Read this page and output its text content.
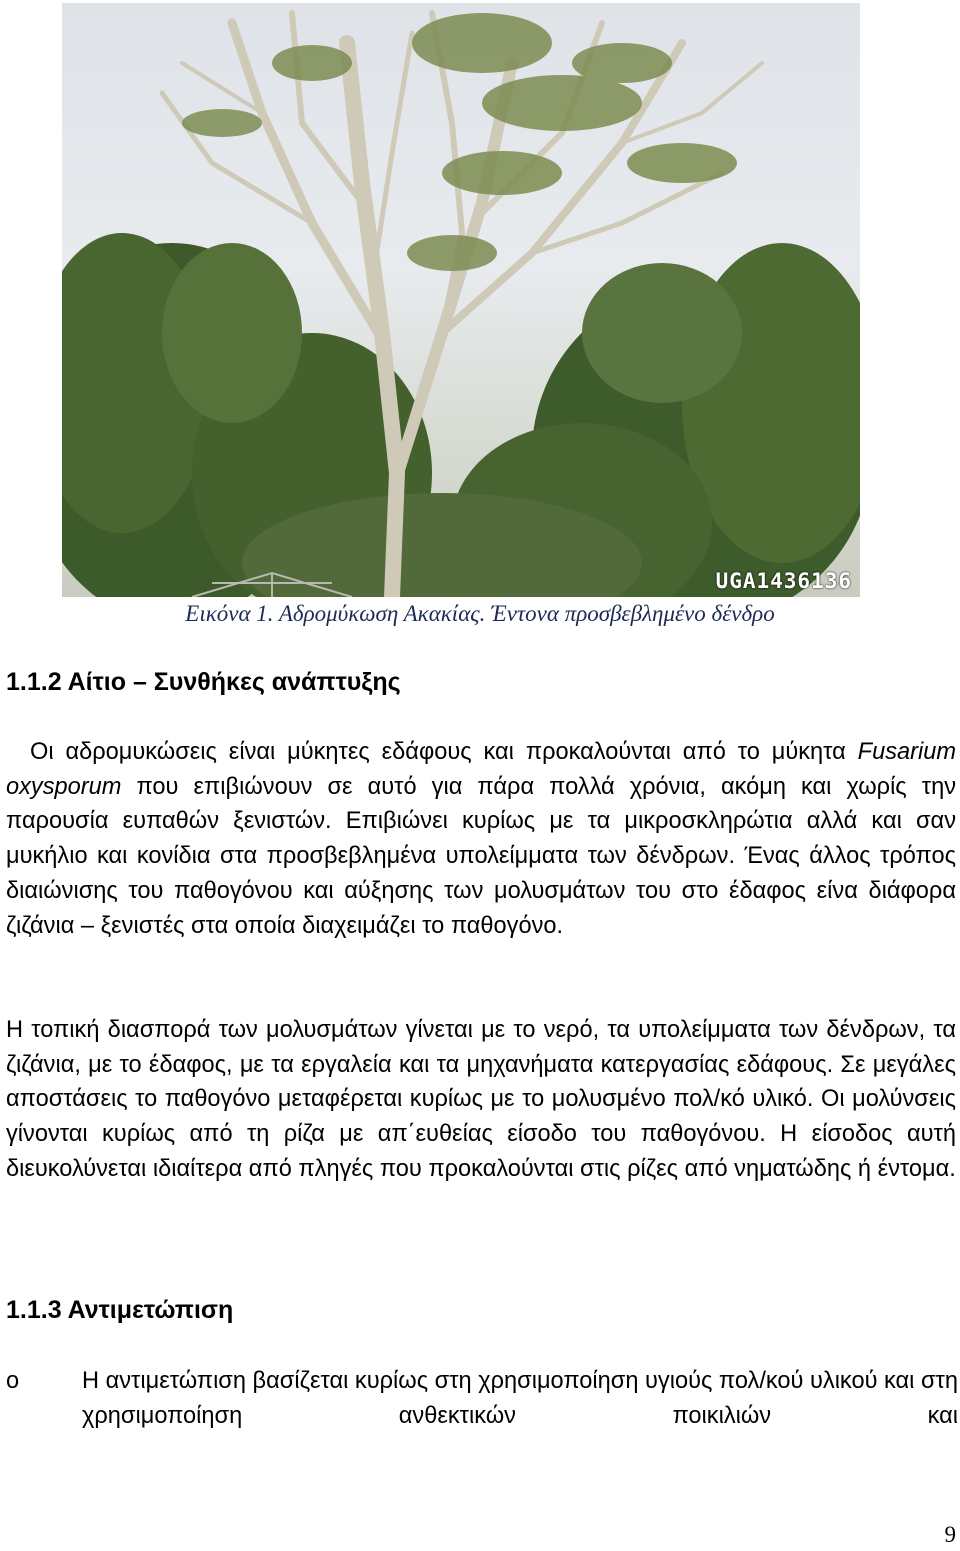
UGA1436136
Εικόνα 1. Αδρομύκωση Ακακίας. Έντονα προσβεβλημένο δένδρο
1.1.2 Αίτιο – Συνθήκες ανάπτυξης

Οι αδρομυκώσεις είναι μύκητες εδάφους και προκαλούνται από το μύκητα Fusarium oxysporum που επιβιώνουν σε αυτό για πάρα πολλά χρόνια, ακόμη και χωρίς την παρουσία ευπαθών ξενιστών. Επιβιώνει κυρίως με τα μικροσκληρώτια αλλά και σαν μυκήλιο και κονίδια στα προσβεβλημένα υπολείμματα των δένδρων. Ένας άλλος τρόπος διαιώνισης του παθογόνου και αύξησης των μολυσμάτων του στο έδαφος είνα διάφορα ζιζάνια – ξενιστές στα οποία διαχειμάζει το παθογόνο.

Η τοπική διασπορά των μολυσμάτων γίνεται με το νερό, τα υπολείμματα των δένδρων, τα ζιζάνια, με το έδαφος, με τα εργαλεία και τα μηχανήματα κατεργασίας εδάφους. Σε μεγάλες αποστάσεις το παθογόνο μεταφέρεται κυρίως με το μολυσμένο πολ/κό υλικό. Οι μολύνσεις γίνονται κυρίως από τη ρίζα με απ΄ευθείας είσοδο του παθογόνου. Η είσοδος αυτή διευκολύνεται ιδιαίτερα από πληγές που προκαλούνται στις ρίζες από νηματώδης ή έντομα.

1.1.3 Αντιμετώπιση
o	Η αντιμετώπιση βασίζεται κυρίως στη χρησιμοποίηση υγιούς πολ/κού υλικού και στη χρησιμοποίηση ανθεκτικών ποικιλιών και

9
